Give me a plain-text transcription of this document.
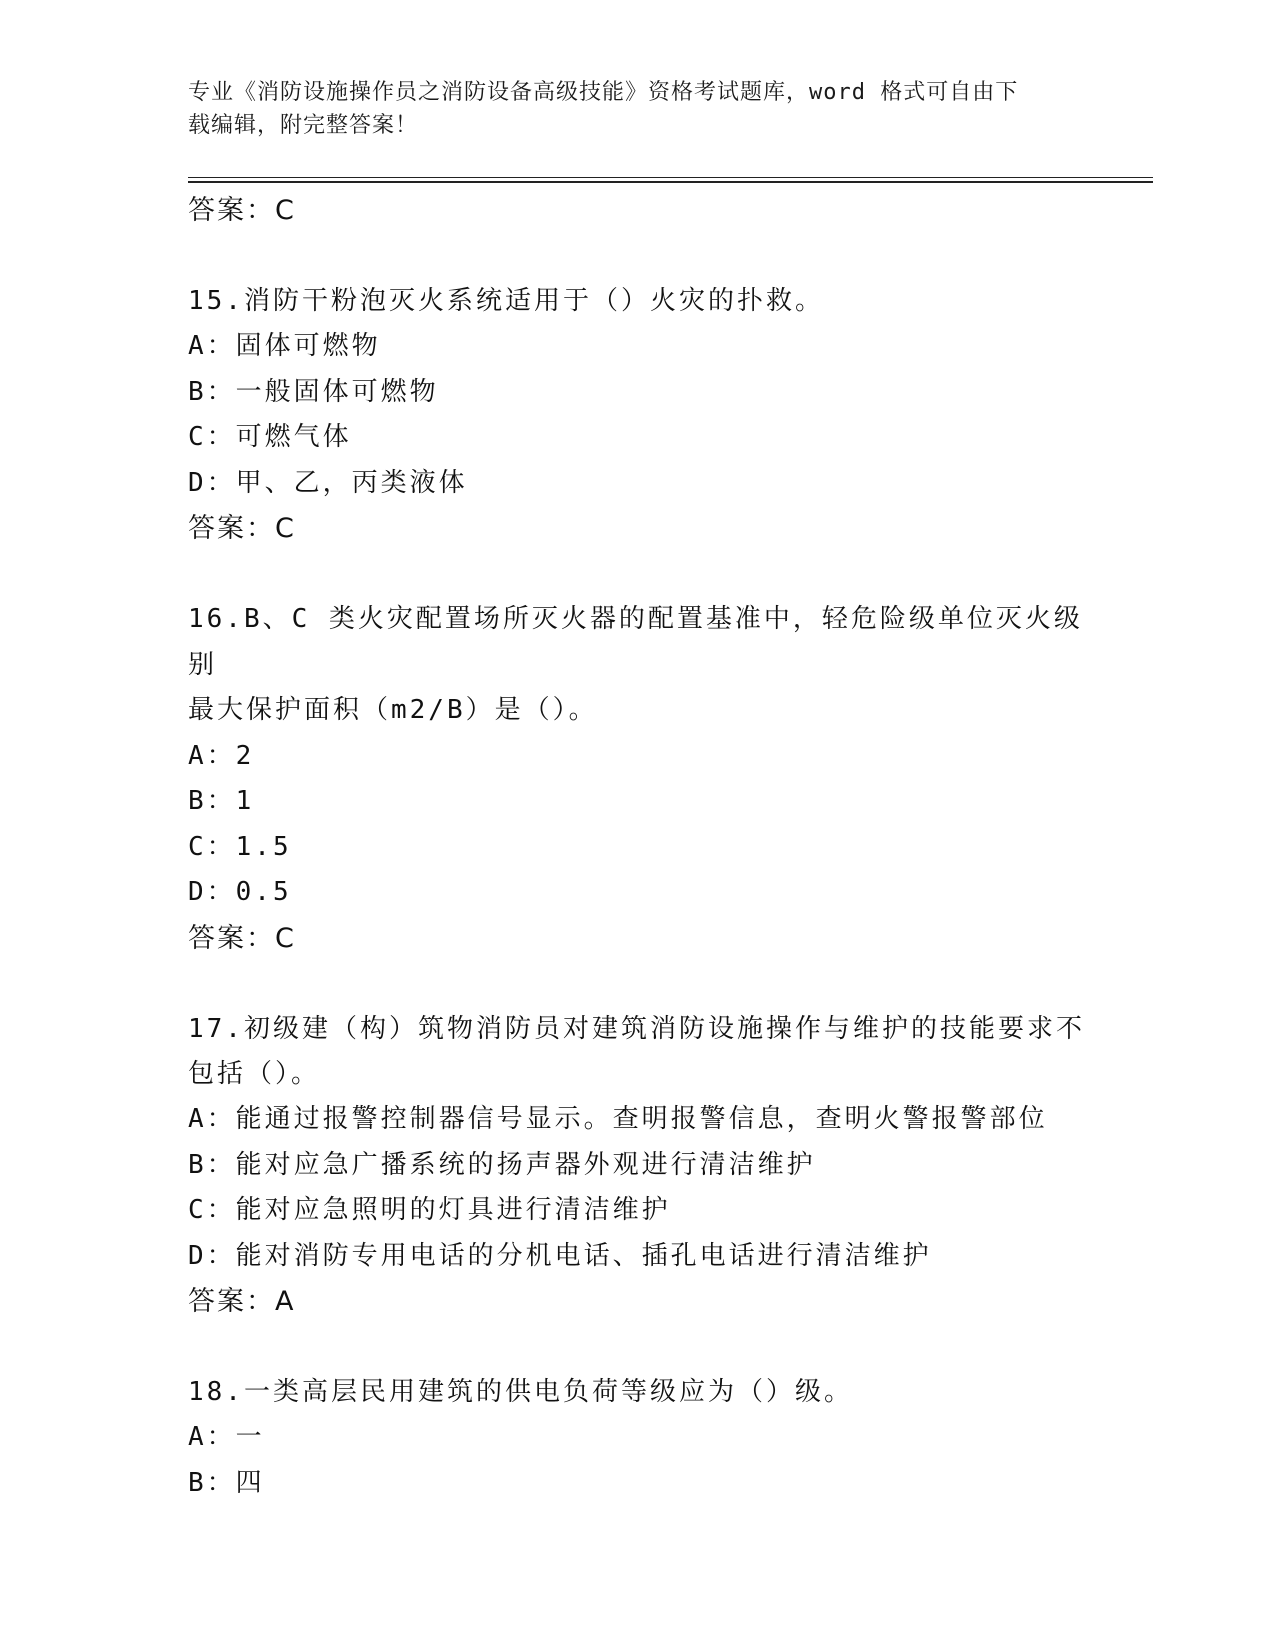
专业《消防设施操作员之消防设备高级技能》资格考试题库，word 格式可自由下
载编辑，附完整答案！

答案：C

15.消防干粉泡灭火系统适用于（）火灾的扑救。

A：固体可燃物

B：一般固体可燃物

C：可燃气体

D：甲、乙，丙类液体

答案：C

16.B、C 类火灾配置场所灭火器的配置基准中，轻危险级单位灭火级别

最大保护面积（m2/B）是（）。

A：2

B：1

C：1.5

D：0.5

答案：C

17.初级建（构）筑物消防员对建筑消防设施操作与维护的技能要求不

包括（）。

A：能通过报警控制器信号显示。查明报警信息，查明火警报警部位

B：能对应急广播系统的扬声器外观进行清洁维护

C：能对应急照明的灯具进行清洁维护

D：能对消防专用电话的分机电话、插孔电话进行清洁维护

答案：A

18.一类高层民用建筑的供电负荷等级应为（）级。

A：一

B：四
